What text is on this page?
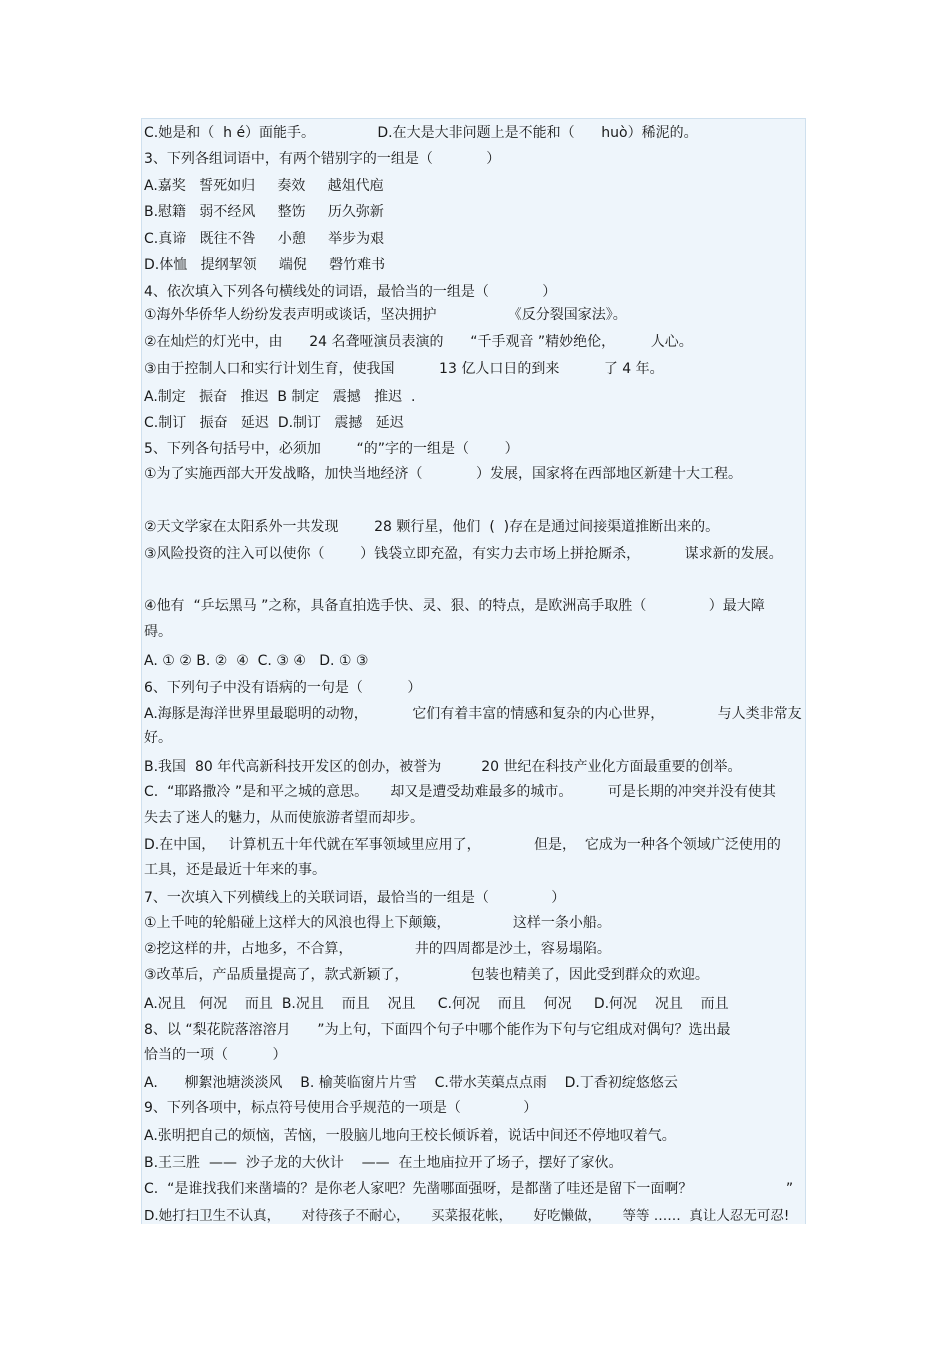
C.她是和（  h é）面能手。              D.在大是大非问题上是不能和（      huò）稀泥的。
3、下列各组词语中，有两个错别字的一组是（            ）
A.嘉奖   誓死如归     奏效     越俎代庖
B.慰籍   弱不经风     整饬     历久弥新
C.真谛   既往不咎     小憩     举步为艰
D.体恤   提纲挈领     端倪     磬竹难书
4、依次填入下列各句横线处的词语，最恰当的一组是（            ）
①海外华侨华人纷纷发表声明或谈话，坚决拥护                《反分裂国家法》。
②在灿烂的灯光中，由      24 名聋哑演员表演的      “千手观音 ”精妙绝伦，        人心。
③由于控制人口和实行计划生育，使我国          13 亿人口日的到来          了 4 年。
A.制定   振奋   推迟  B 制定   震撼   推迟  .
C.制订   振奋   延迟  D.制订   震撼   延迟
5、下列各句括号中，必须加        “的”字的一组是（        ）
①为了实施西部大开发战略，加快当地经济（            ）发展，国家将在西部地区新建十大工程。
②天文学家在太阳系外一共发现        28 颗行星，他们  (  )存在是通过间接渠道推断出来的。
③风险投资的注入可以使你（        ）钱袋立即充盈，有实力去市场上拼抢厮杀，          谋求新的发展。
④他有  “乒坛黑马 ”之称，具备直拍选手快、灵、狠、的特点，是欧洲高手取胜（              ）最大障
碍。
A. ① ② B. ②  ④  C. ③ ④   D. ① ③
6、下列句子中没有语病的一句是（          ）
A.海豚是海洋世界里最聪明的动物，          它们有着丰富的情感和复杂的内心世界，            与人类非常友
好。
B.我国  80 年代高新科技开发区的创办，被誉为         20 世纪在科技产业化方面最重要的创举。
C.  “耶路撒冷 ”是和平之城的意思。     却又是遭受劫难最多的城市。        可是长期的冲突并没有使其
失去了迷人的魅力，从而使旅游者望而却步。
D.在中国，   计算机五十年代就在军事领域里应用了，            但是，  它成为一种各个领域广泛使用的
工具，还是最近十年来的事。
7、一次填入下列横线上的关联词语，最恰当的一组是（              ）
①上千吨的轮船碰上这样大的风浪也得上下颠簸，              这样一条小船。
②挖这样的井，占地多，不合算，              井的四周都是沙土，容易塌陷。
③改革后，产品质量提高了，款式新颖了，              包装也精美了，因此受到群众的欢迎。
A.况且   何况    而且  B.况且    而且    况且     C.何况    而且    何况     D.何况    况且    而且
8、以 “梨花院落溶溶月      ”为上句，下面四个句子中哪个能作为下句与它组成对偶句？选出最
恰当的一项（          ）
A.      柳絮池塘淡淡风    B. 榆荚临窗片片雪    C.带水芙蕖点点雨    D.丁香初绽悠悠云
9、下列各项中，标点符号使用合乎规范的一项是（              ）
A.张明把自己的烦恼，苦恼，一股脑儿地向王校长倾诉着，说话中间还不停地叹着气。
B.王三胜  ——  沙子龙的大伙计    ——  在土地庙拉开了场子，摆好了家伙。
C.  “是谁找我们来凿墙的？是你老人家吧？先凿哪面强呀，是都凿了哇还是留下一面啊？                     ”
D.她打扫卫生不认真，     对待孩子不耐心，     买菜报花帐，     好吃懒做，     等等 ……  真让人忍无可忍!
